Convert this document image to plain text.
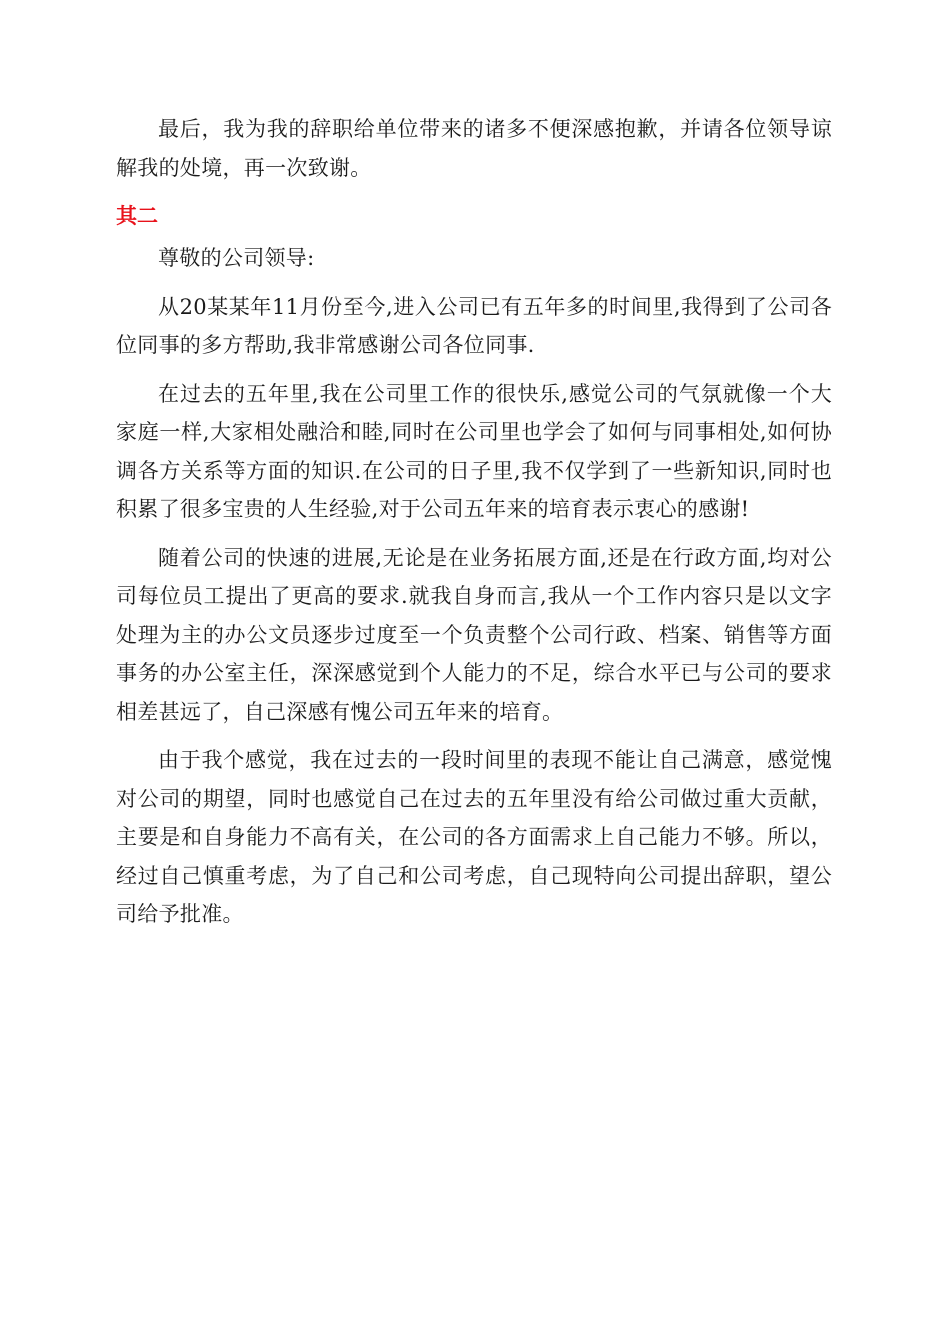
最后，我为我的辞职给单位带来的诸多不便深感抱歉，并请各位领导谅解我的处境，再一次致谢。

其二

尊敬的公司领导:

从20某某年11月份至今,进入公司已有五年多的时间里,我得到了公司各位同事的多方帮助,我非常感谢公司各位同事.

在过去的五年里,我在公司里工作的很快乐,感觉公司的气氛就像一个大家庭一样,大家相处融洽和睦,同时在公司里也学会了如何与同事相处,如何协调各方关系等方面的知识.在公司的日子里,我不仅学到了一些新知识,同时也积累了很多宝贵的人生经验,对于公司五年来的培育表示衷心的感谢!

随着公司的快速的进展,无论是在业务拓展方面,还是在行政方面,均对公司每位员工提出了更高的要求.就我自身而言,我从一个工作内容只是以文字处理为主的办公文员逐步过度至一个负责整个公司行政、档案、销售等方面事务的办公室主任，深深感觉到个人能力的不足，综合水平已与公司的要求相差甚远了，自己深感有愧公司五年来的培育。

由于我个感觉，我在过去的一段时间里的表现不能让自己满意，感觉愧对公司的期望，同时也感觉自己在过去的五年里没有给公司做过重大贡献，主要是和自身能力不高有关，在公司的各方面需求上自己能力不够。所以，经过自己慎重考虑，为了自己和公司考虑，自己现特向公司提出辞职，望公司给予批准。
